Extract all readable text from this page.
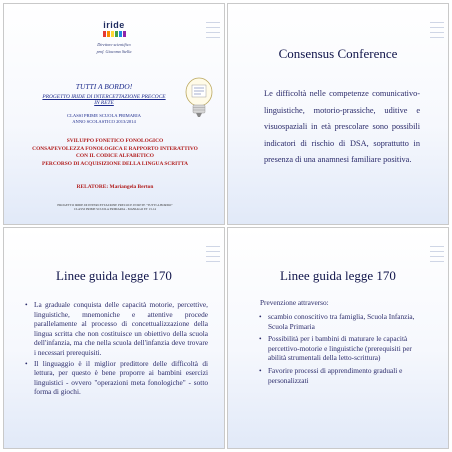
iride
Direttore scientifico
prof. Giacomo Stella
TUTTI A BORDO!
PROGETTO IRIDE DI INTERCETTAZIONE PRECOCE
IN RETE
CLASSI PRIME SCUOLA PRIMARIA
ANNO SCOLASTICO 2013/2014
SVILUPPO FONETICO FONOLOGICO
CONSAPEVOLEZZA FONOLOGICA E RAPPORTO INTERATTIVO
CON IL CODICE ALFABETICO
PERCORSO DI ACQUISIZIONE DELLA LINGUA SCRITTA
RELATORE: Mariangela Berton
PROGETTO IRIDE DI INTERCETTAZIONE PRECOCE IN RETE "TUTTI A BORDO"
CLASSI PRIME SCUOLA PRIMARIA - MANIAGO ET 13-14
Consensus Conference
Le difficoltà nelle competenze comunicativo-linguistiche, motorio-prassiche, uditive e visuospaziali in età prescolare sono possibili indicatori di rischio di DSA, soprattutto in presenza di una anamnesi familiare positiva.
Linee guida legge 170
• La graduale conquista delle capacità motorie, percettive, linguistiche, mnemoniche e attentive procede parallelamente al processo di concettualizzazione della lingua scritta che non costituisce un obiettivo della scuola dell'infanzia, ma che nella scuola dell'infanzia deve trovare i necessari prerequisiti.
• Il linguaggio è il miglior predittore delle difficoltà di lettura, per questo è bene proporre ai bambini esercizi linguistici - ovvero "operazioni meta fonologiche" - sotto forma di giochi.
Linee guida legge 170
Prevenzione attraverso:
• scambio conoscitivo tra famiglia, Scuola Infanzia, Scuola Primaria
• Possibilità per i bambini di maturare le capacità percettivo-motorie e linguistiche (prerequisiti per abilità strumentali della letto-scrittura)
• Favorire processi di apprendimento graduali e personalizzati
